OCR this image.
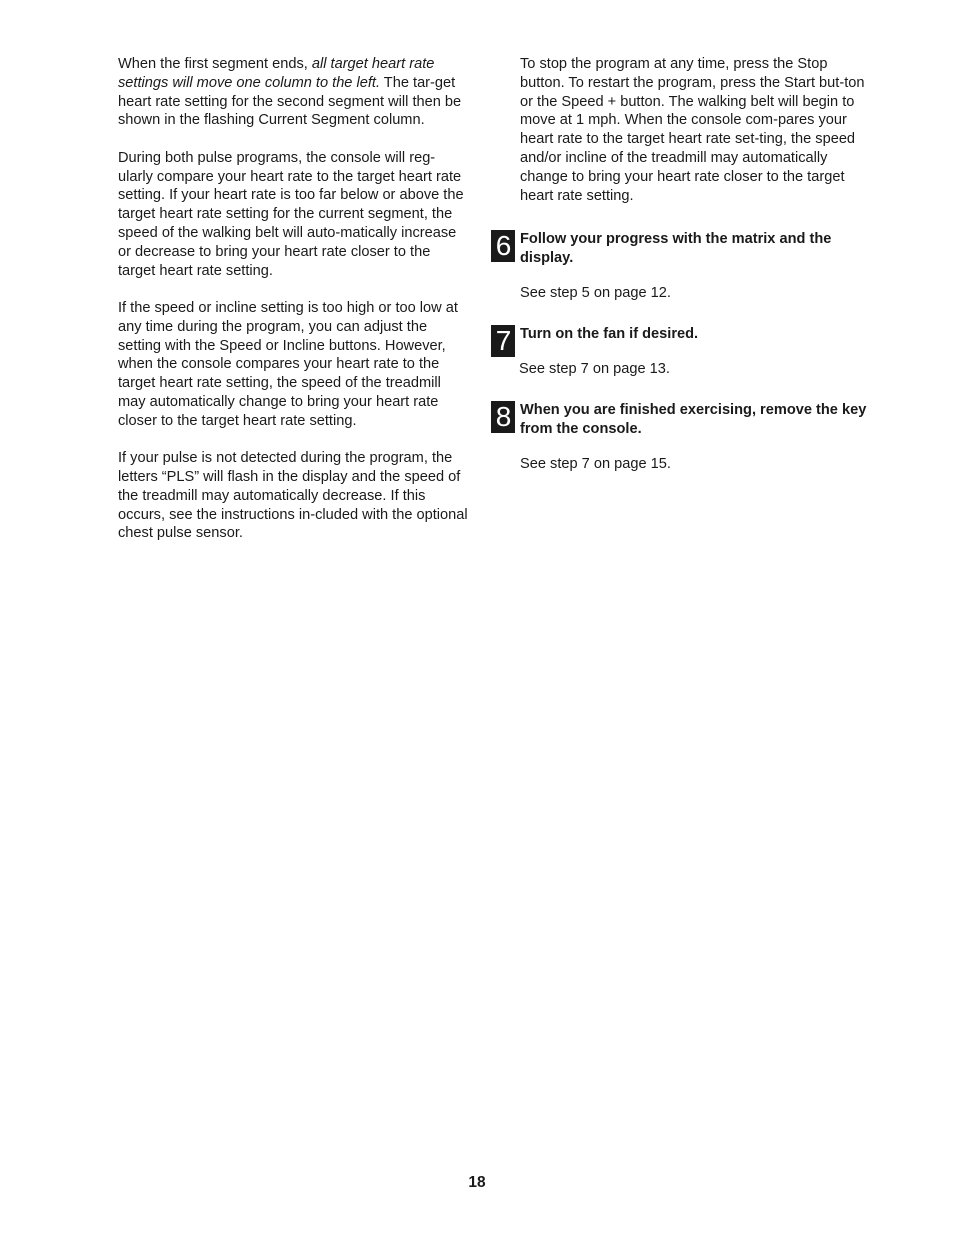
When the first segment ends, all target heart rate settings will move one column to the left. The tar-get heart rate setting for the second segment will then be shown in the flashing Current Segment column.

During both pulse programs, the console will reg-ularly compare your heart rate to the target heart rate setting. If your heart rate is too far below or above the target heart rate setting for the current segment, the speed of the walking belt will auto-matically increase or decrease to bring your heart rate closer to the target heart rate setting.

If the speed or incline setting is too high or too low at any time during the program, you can adjust the setting with the Speed or Incline buttons. However, when the console compares your heart rate to the target heart rate setting, the speed of the treadmill may automatically change to bring your heart rate closer to the target heart rate setting.

If your pulse is not detected during the program, the letters “PLS” will flash in the display and the speed of the treadmill may automatically decrease. If this occurs, see the instructions in-cluded with the optional chest pulse sensor.

To stop the program at any time, press the Stop button. To restart the program, press the Start but-ton or the Speed + button. The walking belt will begin to move at 1 mph. When the console com-pares your heart rate to the target heart rate set-ting, the speed and/or incline of the treadmill may automatically change to bring your heart rate closer to the target heart rate setting.

6 Follow your progress with the matrix and the display.
See step 5 on page 12.
7 Turn on the fan if desired.
See step 7 on page 13.
8 When you are finished exercising, remove the key from the console.
See step 7 on page 15.
18
